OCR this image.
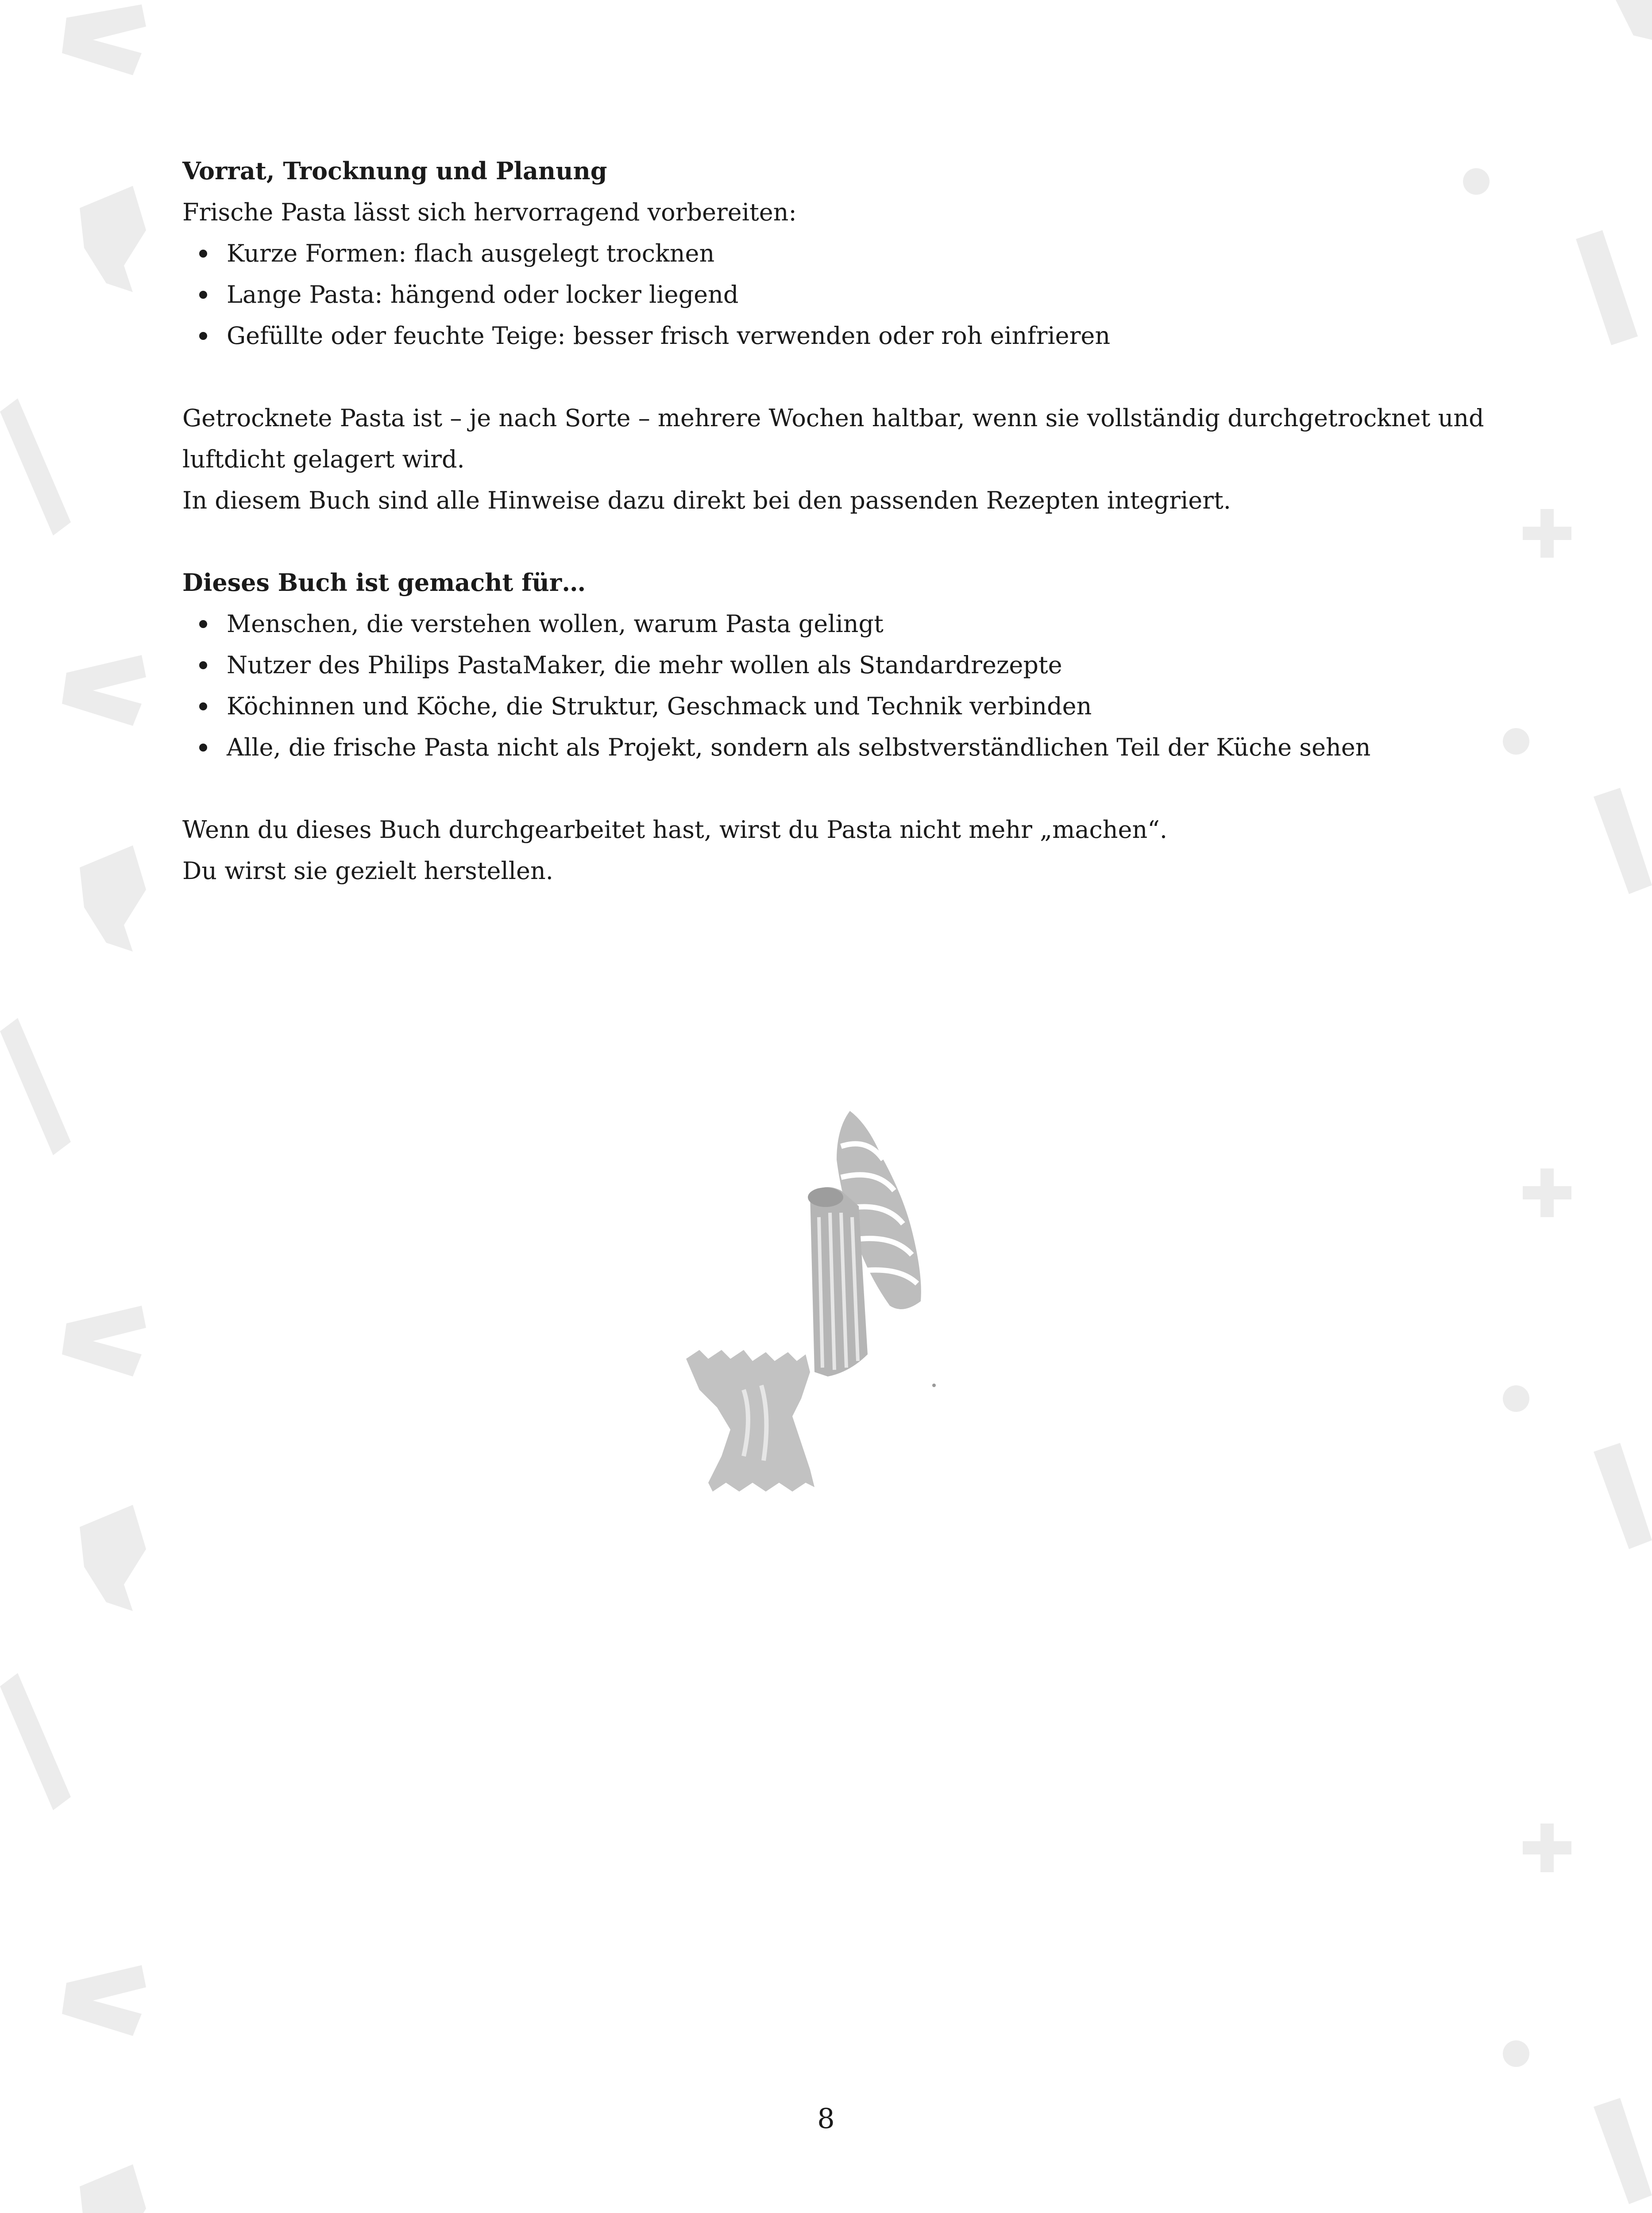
Vorrat, Trocknung und Planung

Frische Pasta lässt sich hervorragend vorbereiten:

Kurze Formen: flach ausgelegt trocknen
Lange Pasta: hängend oder locker liegend
Gefüllte oder feuchte Teige: besser frisch verwenden oder roh einfrieren

Getrocknete Pasta ist – je nach Sorte – mehrere Wochen haltbar, wenn sie vollständig durchgetrocknet und

luftdicht gelagert wird.

In diesem Buch sind alle Hinweise dazu direkt bei den passenden Rezepten integriert.

Dieses Buch ist gemacht für…

Menschen, die verstehen wollen, warum Pasta gelingt
Nutzer des Philips PastaMaker, die mehr wollen als Standardrezepte
Köchinnen und Köche, die Struktur, Geschmack und Technik verbinden
Alle, die frische Pasta nicht als Projekt, sondern als selbstverständlichen Teil der Küche sehen

Wenn du dieses Buch durchgearbeitet hast, wirst du Pasta nicht mehr „machen“.

Du wirst sie gezielt herstellen.

8
